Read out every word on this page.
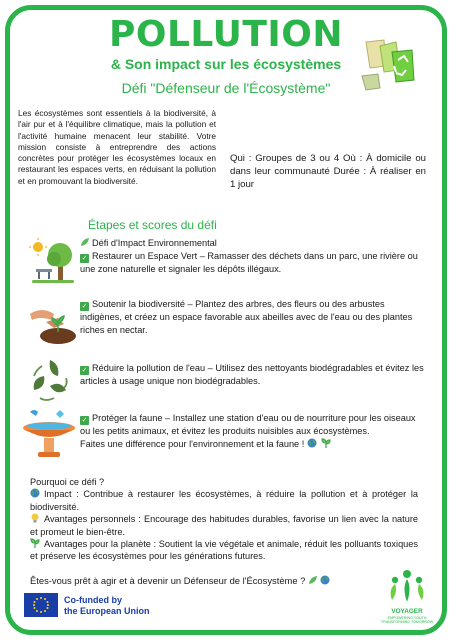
POLLUTION
& Son impact sur les écosystèmes
Défi "Défenseur de l'Écosystème"
Les écosystèmes sont essentiels à la biodiversité, à l'air pur et à l'équilibre climatique, mais la pollution et l'activité humaine menacent leur stabilité. Votre mission consiste à entreprendre des actions concrètes pour protéger les écosystèmes locaux en restaurant les espaces verts, en réduisant la pollution et en promouvant la biodiversité.
Qui : Groupes de 3 ou 4 Où : À domicile ou dans leur communauté Durée : À réaliser en 1 jour
Étapes et scores du défi
Défi d'Impact Environnemental
✓ Restaurer un Espace Vert – Ramasser des déchets dans un parc, une rivière ou une zone naturelle et signaler les dépôts illégaux.
✓ Soutenir la biodiversité – Plantez des arbres, des fleurs ou des arbustes indigènes, et créez un espace favorable aux abeilles avec de l'eau ou des plantes riches en nectar.
✓ Réduire la pollution de l'eau – Utilisez des nettoyants biodégradables et évitez les articles à usage unique non biodégradables.
✓ Protéger la faune – Installez une station d'eau ou de nourriture pour les oiseaux ou les petits animaux, et évitez les produits nuisibles aux écosystèmes.
Faites une différence pour l'environnement et la faune !
Pourquoi ce défi ?
Impact : Contribue à restaurer les écosystèmes, à réduire la pollution et à protéger la biodiversité.
Avantages personnels : Encourage des habitudes durables, favorise un lien avec la nature et promeut le bien-être.
Avantages pour la planète : Soutient la vie végétale et animale, réduit les polluants toxiques et préserve les écosystèmes pour les générations futures.
Êtes-vous prêt à agir et à devenir un Défenseur de l'Écosystème ?
Co-funded by
the European Union	VOYAGER
EMPOWERING YOUTH TRANSFORMING TOMORROW
